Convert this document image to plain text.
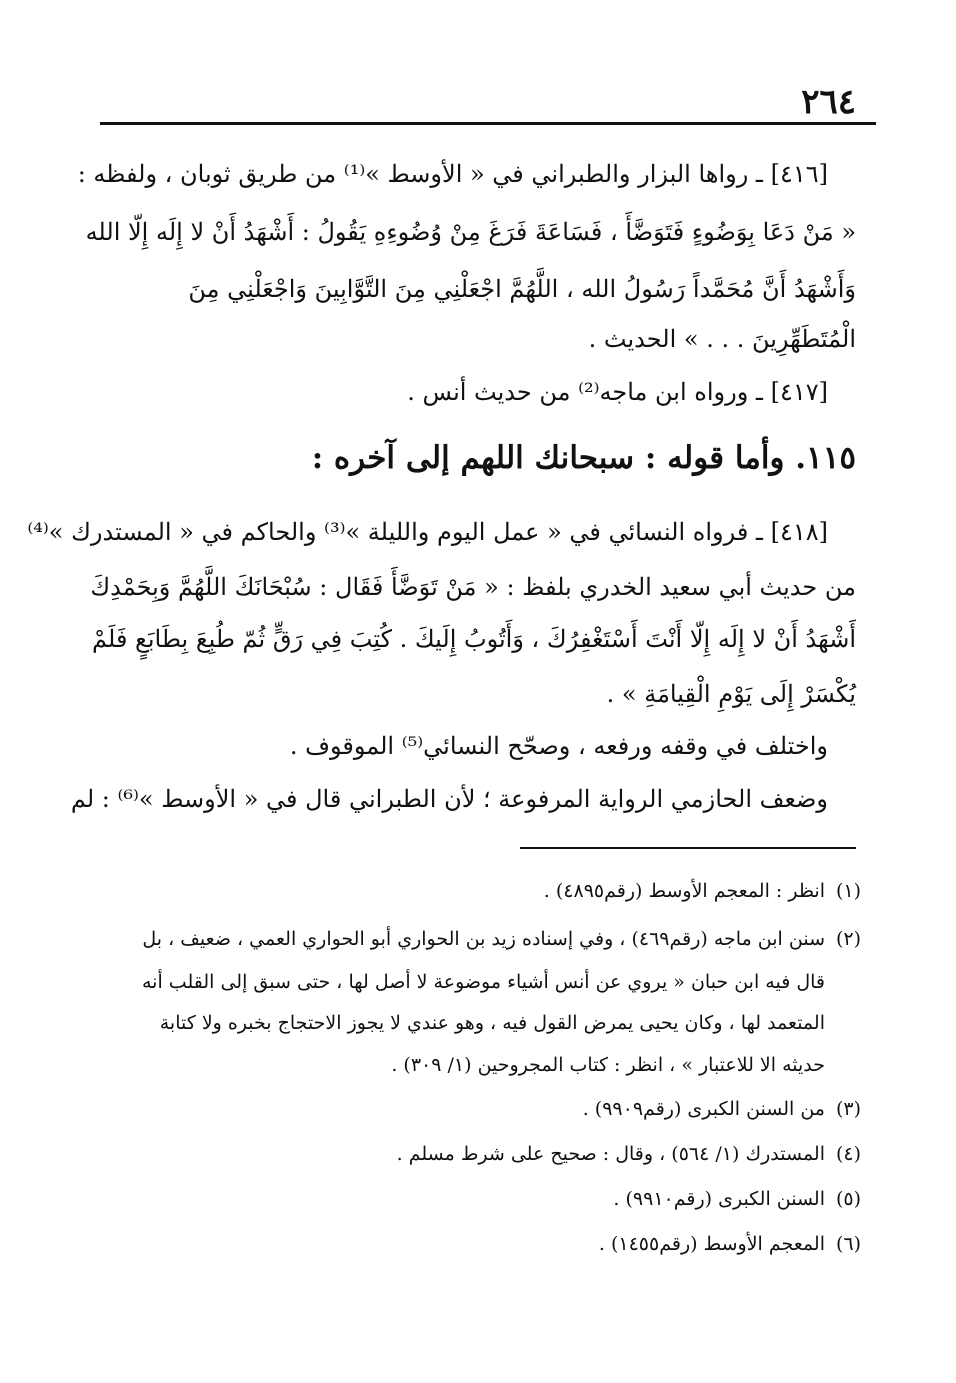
٢٦٤
[٤١٦] ـ رواها البزار والطبراني في « الأوسط »⁽¹⁾ من طريق ثوبان ، ولفظه :
« مَنْ دَعَا بِوَضُوءٍ فَتَوَضَّأَ ، فَسَاعَةَ فَرَغَ مِنْ وُضُوءِهِ يَقُولُ : أَشْهَدُ أَنْ لا إِلَه إِلّا الله
وَأَشْهَدُ أَنَّ مُحَمَّداً رَسُولُ الله ، اللَّهُمَّ اجْعَلْنِي مِنَ التَّوَّابِينَ وَاجْعَلْنِي مِنَ
الْمُتَطَهِّرِينَ . . . » الحديث .
[٤١٧] ـ ورواه ابن ماجه⁽²⁾ من حديث أنس .
١١٥. وأما قوله : سبحانك اللهم إلى آخره :
[٤١٨] ـ فرواه النسائي في « عمل اليوم والليلة »⁽³⁾ والحاكم في « المستدرك »⁽⁴⁾
من حديث أبي سعيد الخدري بلفظ : « مَنْ تَوَضَّأَ فَقَال : سُبْحَانَكَ اللَّهُمَّ وَبِحَمْدِكَ
أَشْهَدُ أَنْ لا إِلَه إِلّا أَنْتَ أَسْتَغْفِرُكَ ، وَأَتُوبُ إِلَيكَ . كُتِبَ فِي رَقٍّ ثُمّ طُبِعَ بِطَابَعٍ فَلَمْ
يُكْسَرْ إِلَى يَوْمِ الْقِيامَةِ » .
واختلف في وقفه ورفعه ، وصحّح النسائي⁽⁵⁾ الموقوف .
وضعف الحازمي الرواية المرفوعة ؛ لأن الطبراني قال في « الأوسط »⁽⁶⁾ : لم
(١)انظر : المعجم الأوسط (رقم٤٨٩٥) .
(٢)سنن ابن ماجه (رقم٤٦٩) ، وفي إسناده زيد بن الحواري أبو الحواري العمي ، ضعيف ، بل
قال فيه ابن حبان « يروي عن أنس أشياء موضوعة لا أصل لها ، حتى سبق إلى القلب أنه
المتعمد لها ، وكان يحيى يمرض القول فيه ، وهو عندي لا يجوز الاحتجاج بخبره ولا كتابة
حديثه الا للاعتبار » ، انظر : كتاب المجروحين (١/ ٣٠٩) .
(٣)من السنن الكبرى (رقم٩٩٠٩) .
(٤)المستدرك (١/ ٥٦٤) ، وقال : صحيح على شرط مسلم .
(٥)السنن الكبرى (رقم٩٩١٠) .
(٦)المعجم الأوسط (رقم١٤٥٥) .
